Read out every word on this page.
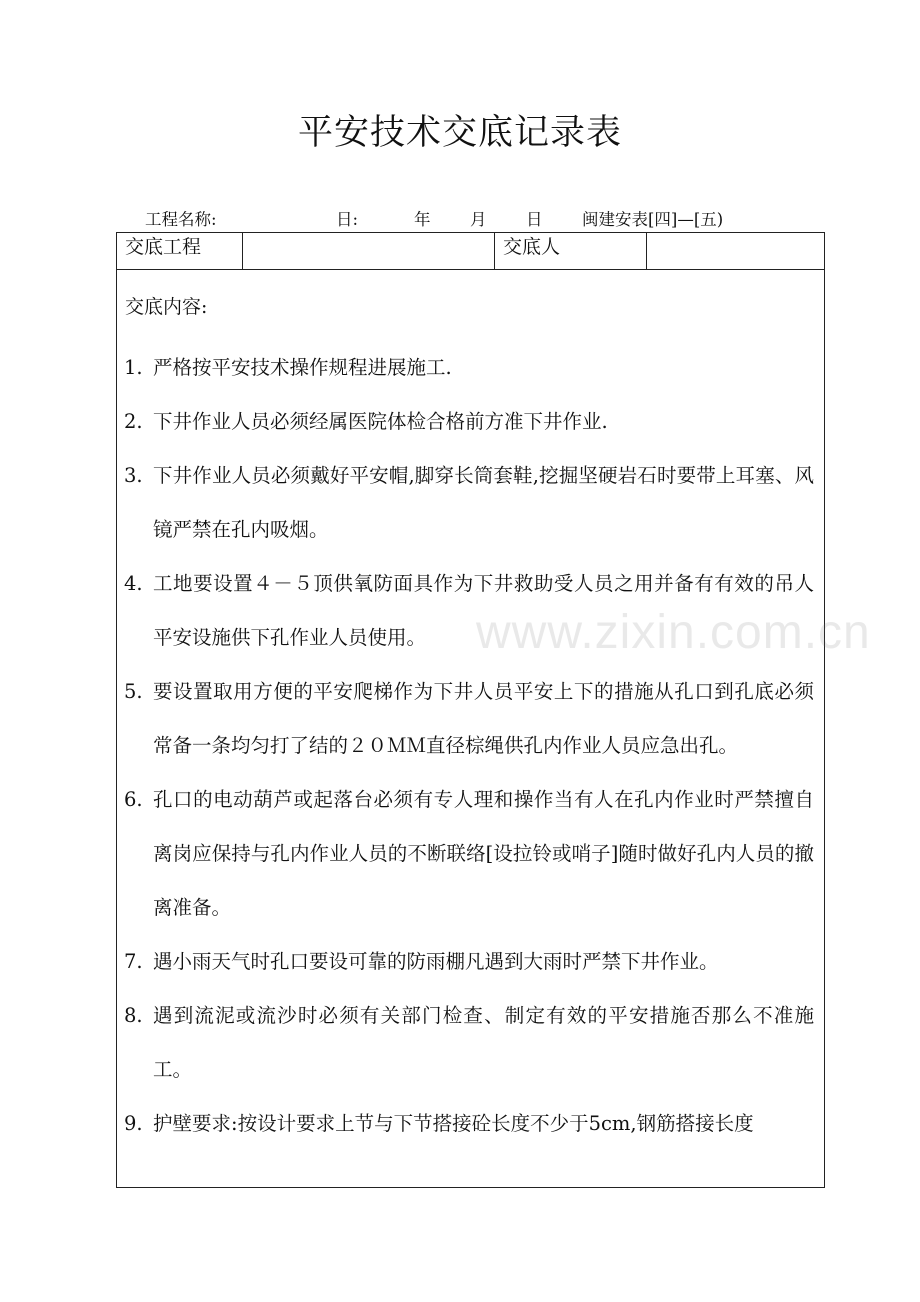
平安技术交底记录表
工程名称:	日:	年 月 日 闽建安表[四]—[五)
交底工程	交底人
交底内容:
1. 严格按平安技术操作规程进展施工.
2. 下井作业人员必须经属医院体检合格前方准下井作业.
3. 下井作业人员必须戴好平安帽,脚穿长筒套鞋,挖掘坚硬岩石时要带上耳塞、风镜严禁在孔内吸烟。
4. 工地要设置４－５顶供氧防面具作为下井救助受人员之用并备有有效的吊人平安设施供下孔作业人员使用。
5. 要设置取用方便的平安爬梯作为下井人员平安上下的措施从孔口到孔底必须常备一条均匀打了结的２０ＭＭ直径棕绳供孔内作业人员应急出孔。
6. 孔口的电动葫芦或起落台必须有专人理和操作当有人在孔内作业时严禁擅自离岗应保持与孔内作业人员的不断联络[设拉铃或哨子]随时做好孔内人员的撤离准备。
7. 遇小雨天气时孔口要设可靠的防雨棚凡遇到大雨时严禁下井作业。
8. 遇到流泥或流沙时必须有关部门检查、制定有效的平安措施否那么不准施工。
9. 护壁要求:按设计要求上节与下节搭接砼长度不少于5cm,钢筋搭接长度
www.zixin.com.cn
